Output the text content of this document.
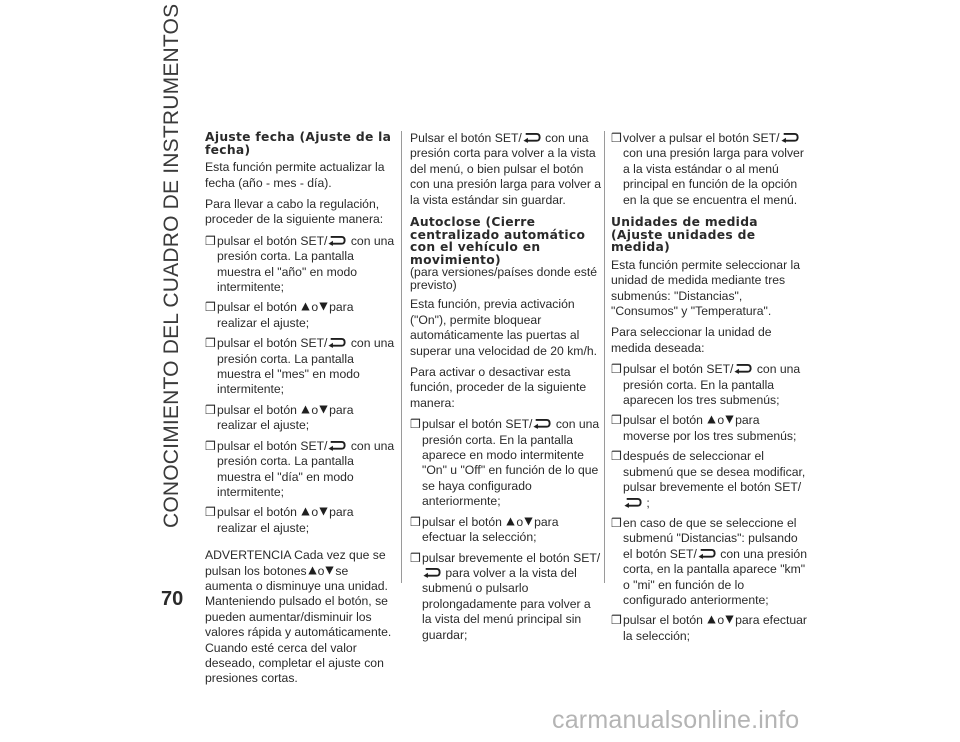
CONOCIMIENTO DEL CUADRO DE INSTRUMENTOS
70
Ajuste fecha (Ajuste de la fecha)

Esta función permite actualizar la fecha (año - mes - día).

Para llevar a cabo la regulación, proceder de la siguiente manera:

❒ pulsar el botón SET/ con una presión corta. La pantalla muestra el "año" en modo intermitente;
❒ pulsar el botón o para realizar el ajuste;
❒ pulsar el botón SET/ con una presión corta. La pantalla muestra el "mes" en modo intermitente;
❒ pulsar el botón o para realizar el ajuste;
❒ pulsar el botón SET/ con una presión corta. La pantalla muestra el "día" en modo intermitente;
❒ pulsar el botón o para realizar el ajuste;

ADVERTENCIA Cada vez que se pulsan los botones o se aumenta o disminuye una unidad. Manteniendo pulsado el botón, se pueden aumentar/disminuir los valores rápida y automáticamente. Cuando esté cerca del valor deseado, completar el ajuste con presiones cortas.

Pulsar el botón SET/ con una presión corta para volver a la vista del menú, o bien pulsar el botón con una presión larga para volver a la vista estándar sin guardar.

Autoclose (Cierre centralizado automático con el vehículo en movimiento)

(para versiones/países donde esté previsto)

Esta función, previa activación ("On"), permite bloquear automáticamente las puertas al superar una velocidad de 20 km/h.

Para activar o desactivar esta función, proceder de la siguiente manera:

❒ pulsar el botón SET/ con una presión corta. En la pantalla aparece en modo intermitente "On" u "Off" en función de lo que se haya configurado anteriormente;
❒ pulsar el botón o para efectuar la selección;
❒ pulsar brevemente el botón SET/ para volver a la vista del submenú o pulsarlo prolongadamente para volver a la vista del menú principal sin guardar;
❒ volver a pulsar el botón SET/ con una presión larga para volver a la vista estándar o al menú principal en función de la opción en la que se encuentra el menú.
Unidades de medida (Ajuste unidades de medida)

Esta función permite seleccionar la unidad de medida mediante tres submenús: "Distancias", "Consumos" y "Temperatura".

Para seleccionar la unidad de medida deseada:

❒ pulsar el botón SET/ con una presión corta. En la pantalla aparecen los tres submenús;
❒ pulsar el botón o para moverse por los tres submenús;
❒ después de seleccionar el submenú que se desea modificar, pulsar brevemente el botón SET/ ;
❒ en caso de que se seleccione el submenú "Distancias": pulsando el botón SET/ con una presión corta, en la pantalla aparece "km" o "mi" en función de lo configurado anteriormente;
❒ pulsar el botón o para efectuar la selección;
carmanualsonline.info
